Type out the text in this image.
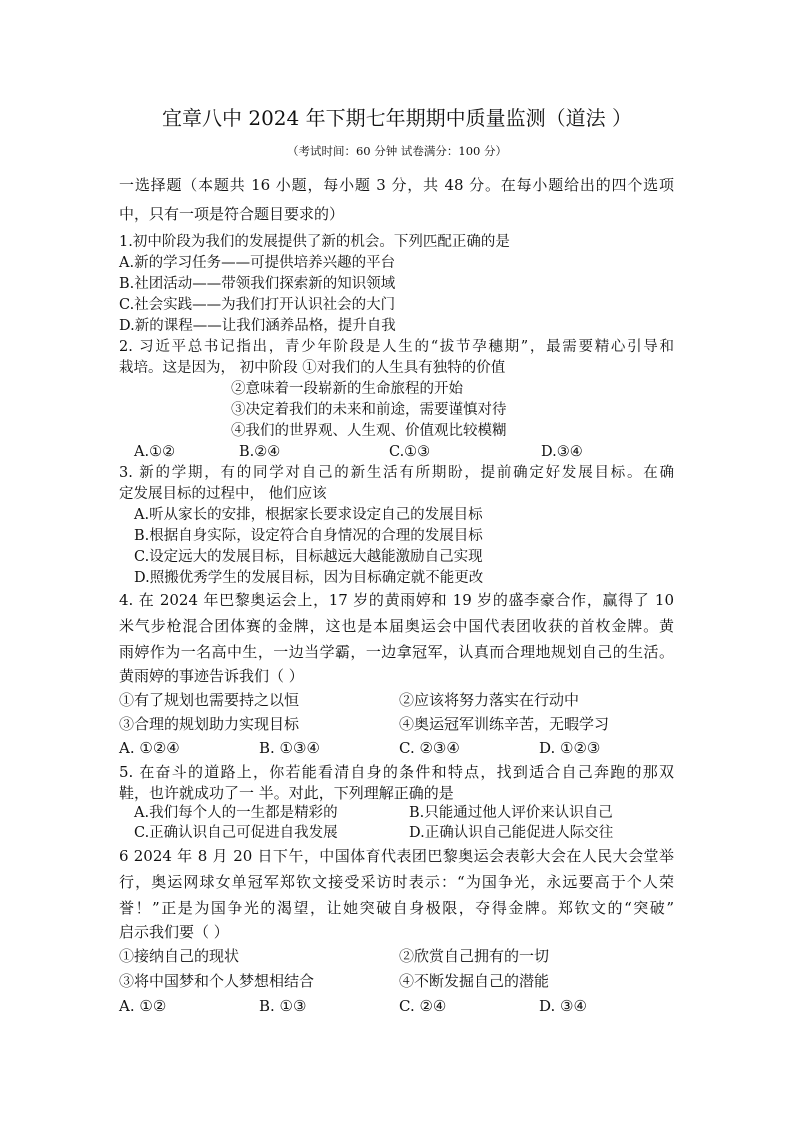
宜章八中 2024 年下期七年期期中质量监测（道法 ）
（考试时间：60 分钟 试卷满分：100 分）
一选择题（本题共 16 小题，每小题 3 分，共 48 分。在每小题给出的四个选项
中，只有一项是符合题目要求的）
1.初中阶段为我们的发展提供了新的机会。下列匹配正确的是
A.新的学习任务——可提供培养兴趣的平台
B.社团活动——带领我们探索新的知识领域
C.社会实践——为我们打开认识社会的大门
D.新的课程——让我们涵养品格，提升自我
2. 习近平总书记指出，青少年阶段是人生的“拔节孕穗期”，最需要精心引导和
栽培。这是因为， 初中阶段 ①对我们的人生具有独特的价值
②意味着一段崭新的生命旅程的开始
③决定着我们的未来和前途，需要谨慎对待
④我们的世界观、人生观、价值观比较模糊
A.①②	B.②④	C.①③	D.③④
3. 新的学期，有的同学对自己的新生活有所期盼，提前确定好发展目标。在确
定发展目标的过程中， 他们应该
A.听从家长的安排，根据家长要求设定自己的发展目标
B.根据自身实际，设定符合自身情况的合理的发展目标
C.设定远大的发展目标，目标越远大越能激励自己实现
D.照搬优秀学生的发展目标，因为目标确定就不能更改
4. 在 2024 年巴黎奥运会上，17 岁的黄雨婷和 19 岁的盛李豪合作，赢得了 10
米气步枪混合团体赛的金牌，这也是本届奥运会中国代表团收获的首枚金牌。黄
雨婷作为一名高中生，一边当学霸，一边拿冠军，认真而合理地规划自己的生活。
黄雨婷的事迹告诉我们（ ）
①有了规划也需要持之以恒	②应该将努力落实在行动中
③合理的规划助力实现目标	④奥运冠军训练辛苦，无暇学习
A. ①②④	B. ①③④	C. ②③④	D. ①②③
5. 在奋斗的道路上，你若能看清自身的条件和特点，找到适合自己奔跑的那双
鞋，也许就成功了一 半。对此，下列理解正确的是
A.我们每个人的一生都是精彩的	B.只能通过他人评价来认识自己
C.正确认识自己可促进自我发展	D.正确认识自己能促进人际交往
6 2024 年 8 月 20 日下午，中国体育代表团巴黎奥运会表彰大会在人民大会堂举
行，奥运网球女单冠军郑钦文接受采访时表示：“为国争光，永远要高于个人荣
誉！”正是为国争光的渴望，让她突破自身极限，夺得金牌。郑钦文的“突破”
启示我们要（ ）
①接纳自己的现状	②欣赏自己拥有的一切
③将中国梦和个人梦想相结合	④不断发掘自己的潜能
A. ①②	B. ①③	C. ②④	D. ③④
